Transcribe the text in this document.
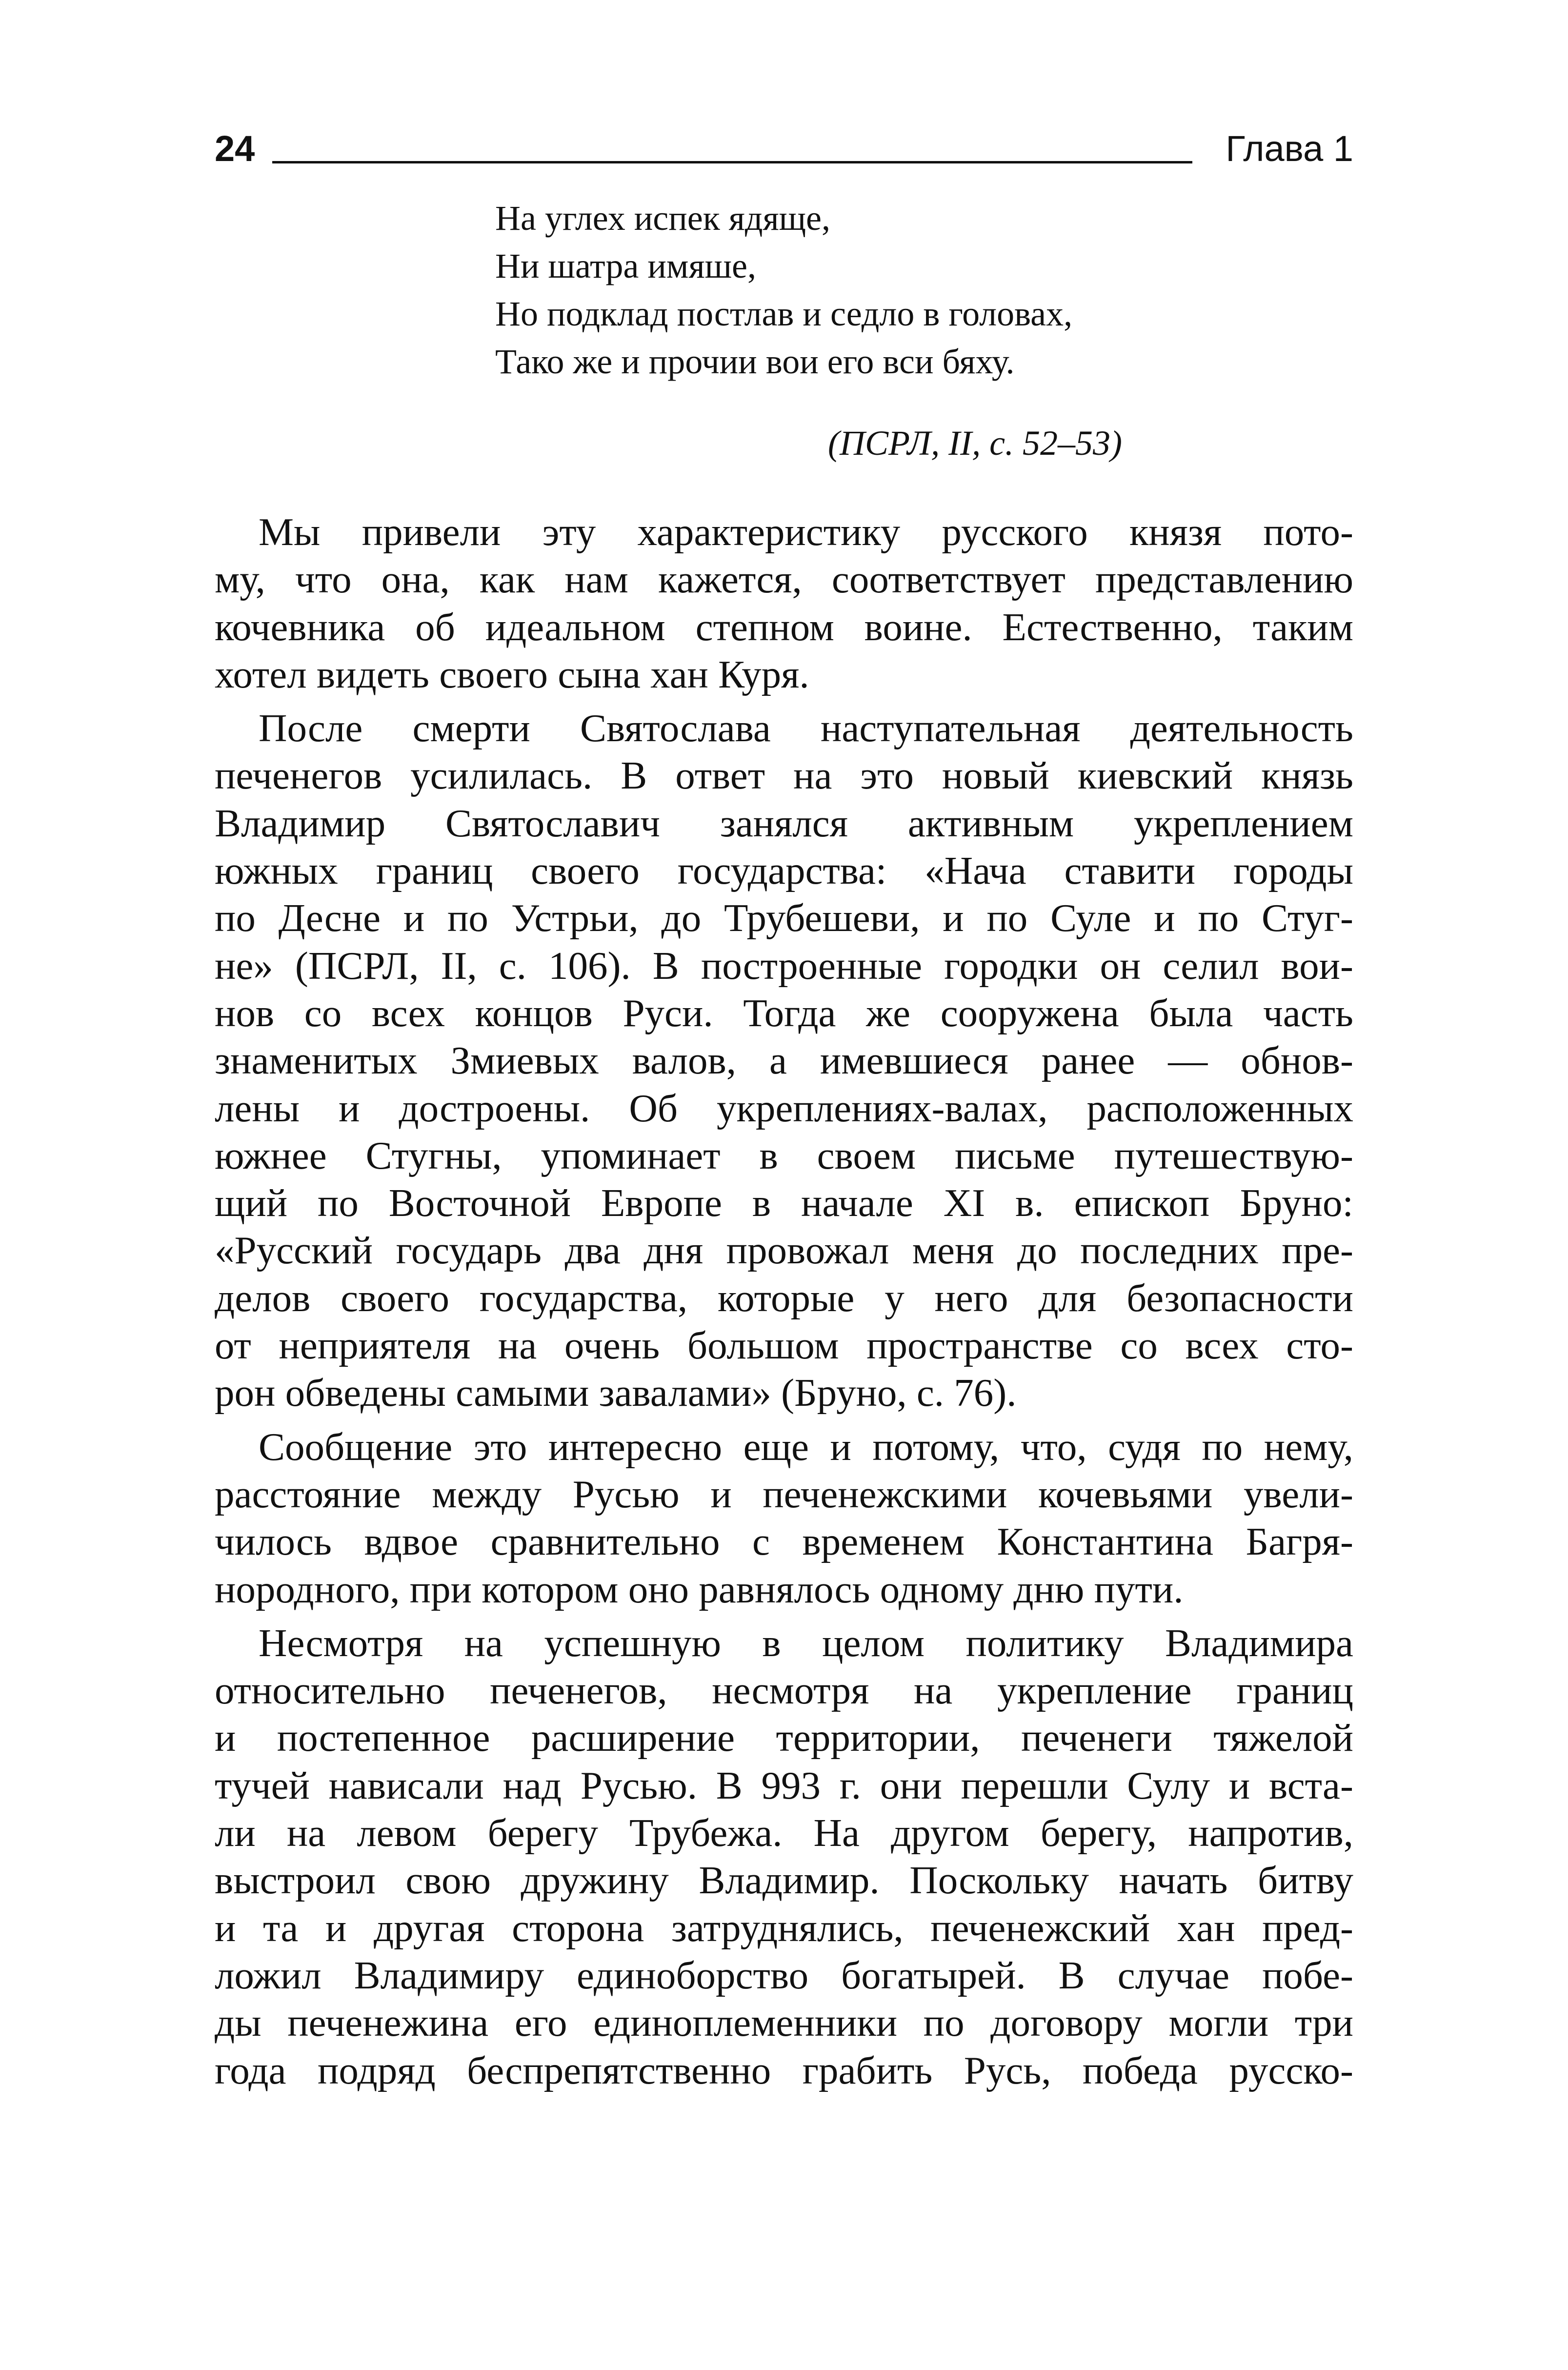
24	Глава 1
На углех испек ядяще,
Ни шатра имяше,
Но подклад постлав и седло в головах,
Тако же и прочии вои его вси бяху.
(ПСРЛ, II, с. 52–53)
Мы привели эту характеристику русского князя пото-
му, что она, как нам кажется, соответствует представлению
кочевника об идеальном степном воине. Естественно, таким
хотел видеть своего сына хан Куря.
После смерти Святослава наступательная деятельность
печенегов усилилась. В ответ на это новый киевский князь
Владимир Святославич занялся активным укреплением
южных границ своего государства: «Нача ставити городы
по Десне и по Устрьи, до Трубешеви, и по Суле и по Стуг-
не» (ПСРЛ, II, с. 106). В построенные городки он селил вои-
нов со всех концов Руси. Тогда же сооружена была часть
знаменитых Змиевых валов, а имевшиеся ранее — обнов-
лены и достроены. Об укреплениях-валах, расположенных
южнее Стугны, упоминает в своем письме путешествую-
щий по Восточной Европе в начале XI в. епископ Бруно:
«Русский государь два дня провожал меня до последних пре-
делов своего государства, которые у него для безопасности
от неприятеля на очень большом пространстве со всех сто-
рон обведены самыми завалами» (Бруно, с. 76).
Сообщение это интересно еще и потому, что, судя по нему,
расстояние между Русью и печенежскими кочевьями увели-
чилось вдвое сравнительно с временем Константина Багря-
нородного, при котором оно равнялось одному дню пути.
Несмотря на успешную в целом политику Владимира
относительно печенегов, несмотря на укрепление границ
и постепенное расширение территории, печенеги тяжелой
тучей нависали над Русью. В 993 г. они перешли Сулу и вста-
ли на левом берегу Трубежа. На другом берегу, напротив,
выстроил свою дружину Владимир. Поскольку начать битву
и та и другая сторона затруднялись, печенежский хан пред-
ложил Владимиру единоборство богатырей. В случае побе-
ды печенежина его единоплеменники по договору могли три
года подряд беспрепятственно грабить Русь, победа русско-
